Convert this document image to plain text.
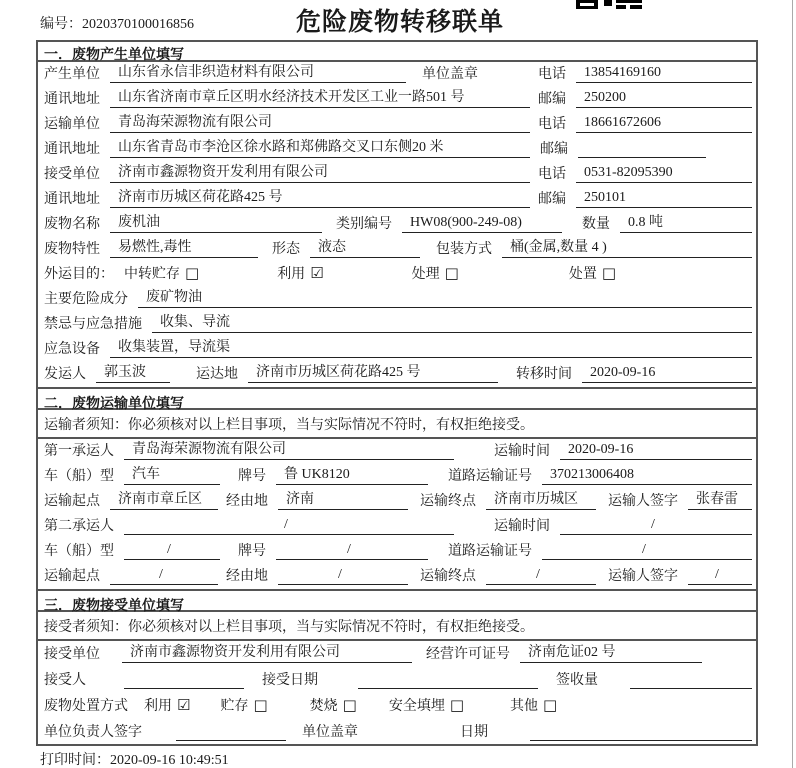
编号：2020370100016856	危险废物转移联单
一．废物产生单位填写
产生单位	山东省永信非织造材料有限公司	单位盖章	电话	13854169160
通讯地址	山东省济南市章丘区明水经济技术开发区工业一路501 号	邮编	250200
运输单位	青岛海荣源物流有限公司	电话	18661672606
通讯地址	山东省青岛市李沧区徐水路和郑佛路交叉口东侧20 米	邮编
接受单位	济南市鑫源物资开发利用有限公司	电话	0531-82095390
通讯地址	济南市历城区荷花路425 号	邮编	250101
废物名称	废机油	类别编号	HW08(900-249-08)	数量	0.8 吨
废物特性	易燃性,毒性	形态	液态	包装方式	桶(金属,数量 4 )
外运目的： 中转贮存 □	利用 ☑	处理 □	处置 □
主要危险成分	废矿物油
禁忌与应急措施	收集、导流
应急设备	收集装置，导流渠
发运人	郭玉波	运达地	济南市历城区荷花路425 号	转移时间	2020-09-16
二．废物运输单位填写
运输者须知：你必须核对以上栏目事项，当与实际情况不符时，有权拒绝接受。
第一承运人	青岛海荣源物流有限公司	运输时间	2020-09-16
车（船）型	汽车	牌号	鲁 UK8120	道路运输证号	370213006408
运输起点	济南市章丘区	经由地	济南	运输终点	济南市历城区	运输人签字	张春雷
第二承运人	/	运输时间	/
车（船）型	/	牌号	/	道路运输证号	/
运输起点	/	经由地	/	运输终点	/	运输人签字	/
三．废物接受单位填写
接受者须知：你必须核对以上栏目事项，当与实际情况不符时，有权拒绝接受。
接受单位	济南市鑫源物资开发利用有限公司	经营许可证号	济南危证02 号
接受人	接受日期	签收量
废物处置方式 利用 ☑ 贮存 □	焚烧 □ 安全填埋 □	其他 □
单位负责人签字	单位盖章	日期
打印时间：2020-09-16 10:49:51
